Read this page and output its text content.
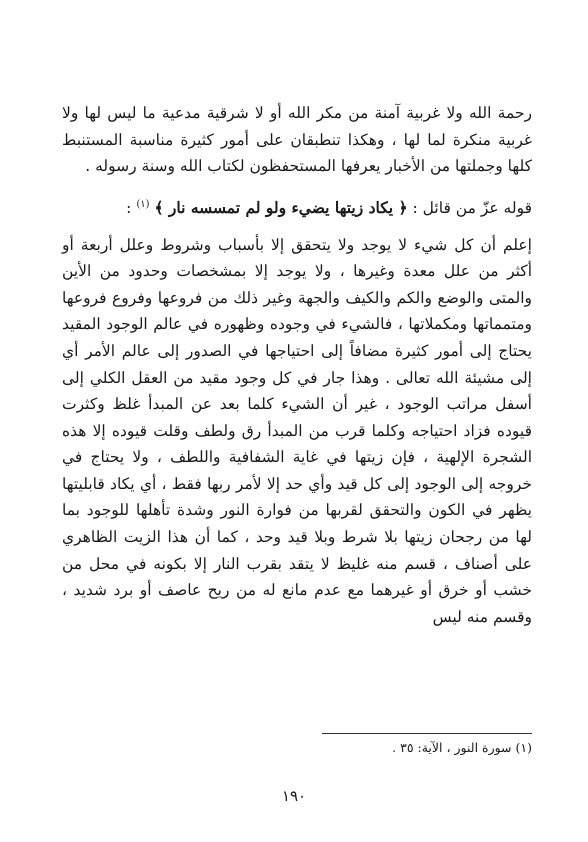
رحمة الله ولا غربية آمنة من مكر الله أو لا شرقية مدعية ما ليس لها ولا غربية منكرة لما لها ، وهكذا تنطبقان على أمور كثيرة مناسبة المستنبط كلها وجملتها من الأخبار يعرفها المستحفظون لكتاب الله وسنة رسوله .

قوله عزّ من قائل : ﴿ يكاد زيتها يضيء ولو لم تمسسه نار ﴾ $^{(١)}$ :

إعلم أن كل شيء لا يوجد ولا يتحقق إلا بأسباب وشروط وعلل أربعة أو أكثر من علل معدة وغيرها ، ولا يوجد إلا بمشخصات وحدود من الأين والمتى والوضع والكم والكيف والجهة وغير ذلك من فروعها وفروع فروعها ومتمماتها ومكملاتها ، فالشيء في وجوده وظهوره في عالم الوجود المقيد يحتاج إلى أمور كثيرة مضافاً إلى احتياجها في الصدور إلى عالم الأمر أي إلى مشيئة الله تعالى . وهذا جار في كل وجود مقيد من العقل الكلي إلى أسفل مراتب الوجود ، غير أن الشيء كلما بعد عن المبدأ غلظ وكثرت قيوده فزاد احتياجه وكلما قرب من المبدأ رق ولطف وقلت قيوده إلا هذه الشجرة الإلهية ، فإن زيتها في غاية الشفافية واللطف ، ولا يحتاج في خروجه إلى الوجود إلى كل قيد وأي حد إلا لأمر ربها فقط ، أي يكاد قابليتها يظهر في الكون والتحقق لقربها من فوارة النور وشدة تأهلها للوجود بما لها من رجحان زيتها بلا شرط وبلا قيد وحد ، كما أن هذا الزيت الظاهري على أصناف ، قسم منه غليظ لا يتقد بقرب النار إلا بكونه في محل من خشب أو خرق أو غيرهما مع عدم مانع له من ريح عاصف أو برد شديد ، وقسم منه ليس

(١) سورة النور ، الآية: ٣٥ .
١٩٠
